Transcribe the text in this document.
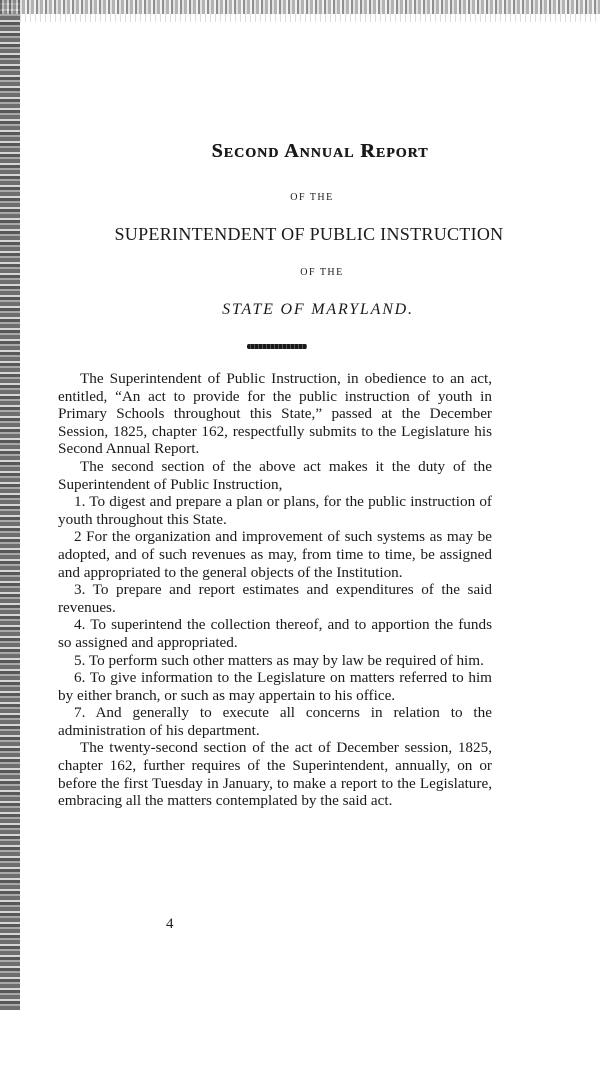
Second Annual Report
OF THE
SUPERINTENDENT OF PUBLIC INSTRUCTION
OF THE
STATE OF MARYLAND.

The Superintendent of Public Instruction, in obedience to an act, entitled, “An act to provide for the public instruction of youth in Primary Schools throughout this State,” passed at the December Session, 1825, chapter 162, respectfully submits to the Legislature his Second Annual Report.

The second section of the above act makes it the duty of the Superintendent of Public Instruction,

1. To digest and prepare a plan or plans, for the public instruction of youth throughout this State.

2 For the organization and improvement of such systems as may be adopted, and of such revenues as may, from time to time, be assigned and appropriated to the general objects of the Institution.

3. To prepare and report estimates and expenditures of the said revenues.

4. To superintend the collection thereof, and to apportion the funds so assigned and appropriated.

5. To perform such other matters as may by law be required of him.

6. To give information to the Legislature on matters referred to him by either branch, or such as may appertain to his office.

7. And generally to execute all concerns in relation to the administration of his department.

The twenty-second section of the act of December session, 1825, chapter 162, further requires of the Superintendent, annually, on or before the first Tuesday in January, to make a report to the Legislature, embracing all the matters contemplated by the said act.

4
